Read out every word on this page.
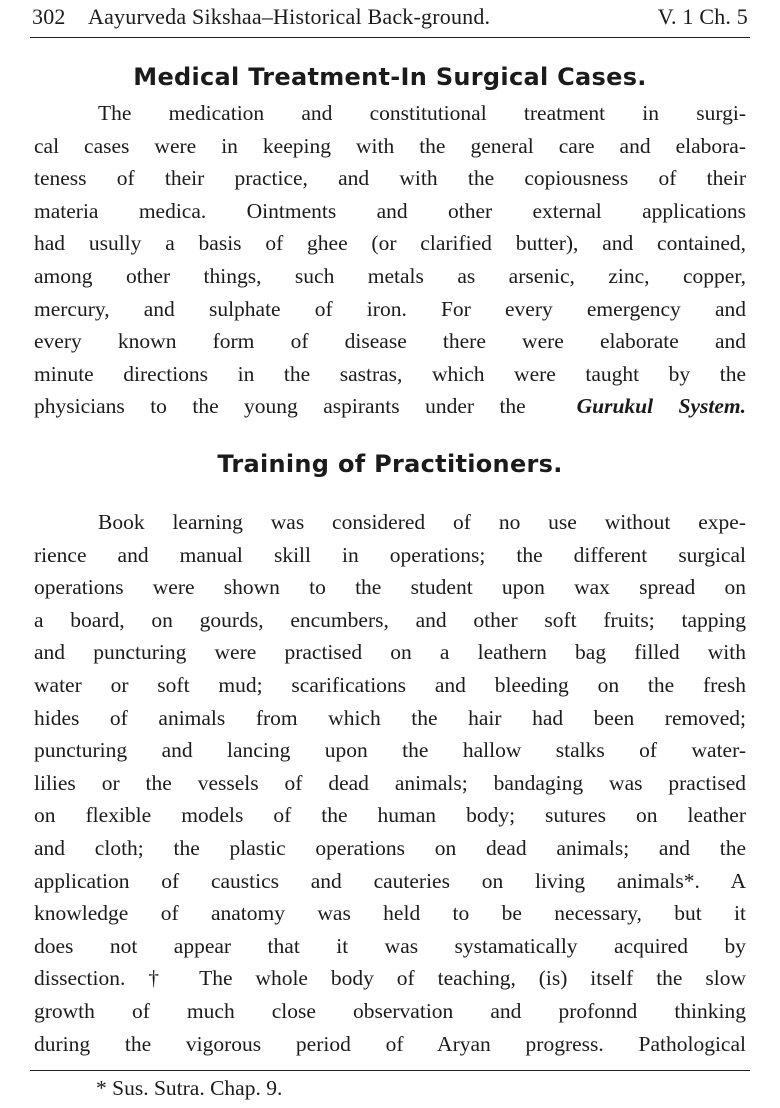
302 Aayurveda Sikshaa–Historical Back-ground.	V. 1 Ch. 5
Medical Treatment-In Surgical Cases.

The medication and constitutional treatment in surgi-
cal cases were in keeping with the general care and elabora-
teness of their practice, and with the copiousness of their
materia medica. Ointments and other external applications
had usully a basis of ghee (or clarified butter), and contained,
among other things, such metals as arsenic, zinc, copper,
mercury, and sulphate of iron. For every emergency and
every known form of disease there were elaborate and
minute directions in the sastras, which were taught by the
physicians to the young aspirants under the Gurukul System.

Training of Practitioners.

Book learning was considered of no use without expe-
rience and manual skill in operations; the different surgical
operations were shown to the student upon wax spread on
a board, on gourds, encumbers, and other soft fruits; tapping
and puncturing were practised on a leathern bag filled with
water or soft mud; scarifications and bleeding on the fresh
hides of animals from which the hair had been removed;
puncturing and lancing upon the hallow stalks of water-
lilies or the vessels of dead animals; bandaging was practised
on flexible models of the human body; sutures on leather
and cloth; the plastic operations on dead animals; and the
application of caustics and cauteries on living animals*. A
knowledge of anatomy was held to be necessary, but it
does not appear that it was systamatically acquired by
dissection. † The whole body of teaching, (is) itself the slow
growth of much close observation and profonnd thinking
during the vigorous period of Aryan progress. Pathological

* Sus. Sutra. Chap. 9.
